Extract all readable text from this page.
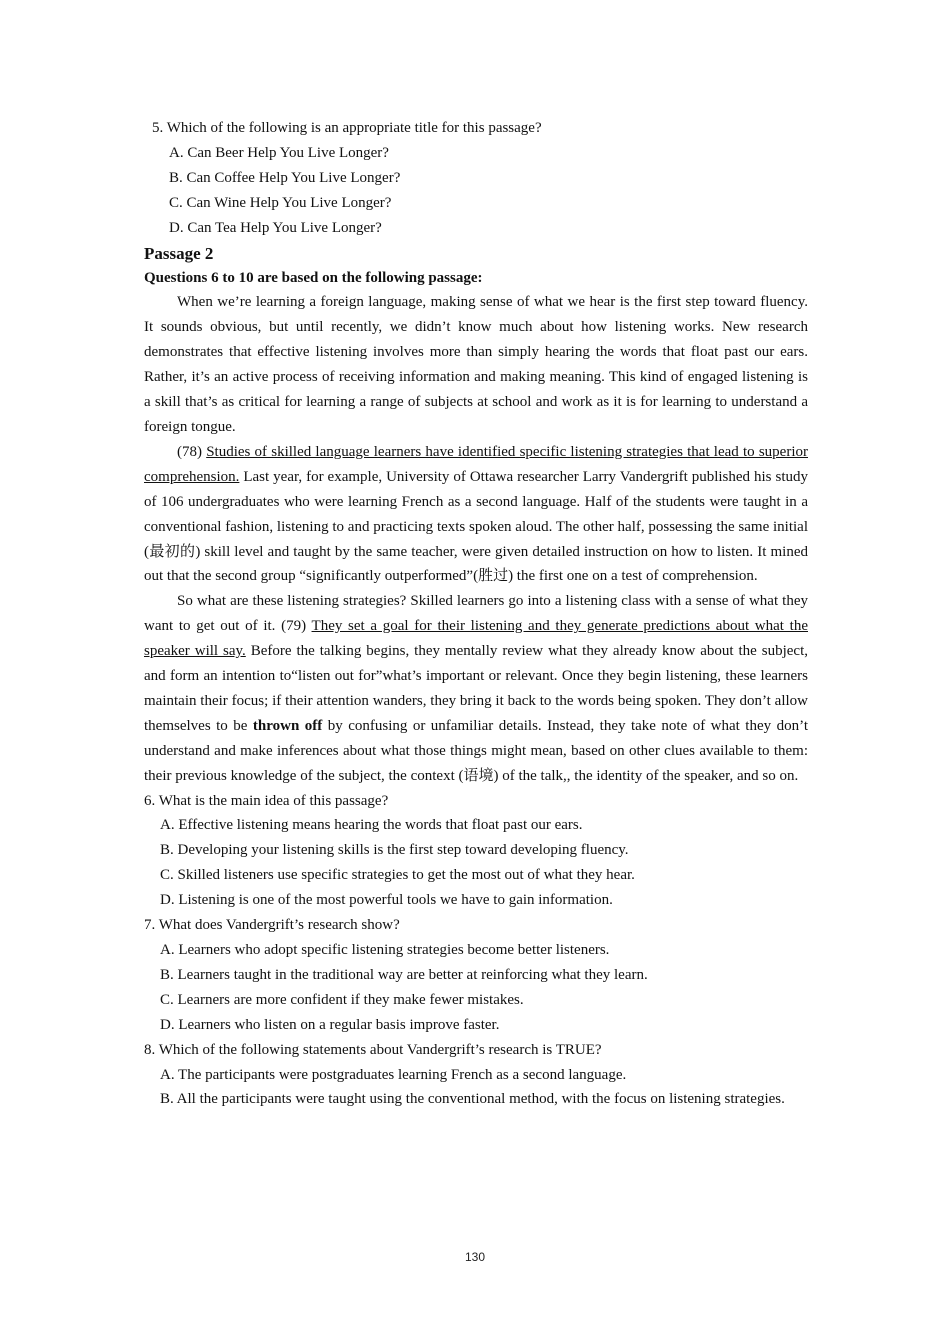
5. Which of the following is an appropriate title for this passage?

A. Can Beer Help You Live Longer?

B. Can Coffee Help You Live Longer?

C. Can Wine Help You Live Longer?

D. Can Tea Help You Live Longer?

Passage 2

Questions 6 to 10 are based on the following passage:

When we’re learning a foreign language, making sense of what we hear is the first step toward fluency. It sounds obvious, but until recently, we didn’t know much about how listening works. New research demonstrates that effective listening involves more than simply hearing the words that float past our ears. Rather, it’s an active process of receiving information and making meaning. This kind of engaged listening is a skill that’s as critical for learning a range of subjects at school and work as it is for learning to understand a foreign tongue.

(78) Studies of skilled language learners have identified specific listening strategies that lead to superior comprehension. Last year, for example, University of Ottawa researcher Larry Vandergrift published his study of 106 undergraduates who were learning French as a second language. Half of the students were taught in a conventional fashion, listening to and practicing texts spoken aloud. The other half, possessing the same initial (最初的) skill level and taught by the same teacher, were given detailed instruction on how to listen. It mined out that the second group “significantly outperformed”(胜过) the first one on a test of comprehension.

So what are these listening strategies? Skilled learners go into a listening class with a sense of what they want to get out of it. (79) They set a goal for their listening and they generate predictions about what the speaker will say. Before the talking begins, they mentally review what they already know about the subject, and form an intention to“listen out for”what’s important or relevant. Once they begin listening, these learners maintain their focus; if their attention wanders, they bring it back to the words being spoken. They don’t allow themselves to be thrown off by confusing or unfamiliar details. Instead, they take note of what they don’t understand and make inferences about what those things might mean, based on other clues available to them: their previous knowledge of the subject, the context (语境) of the talk,, the identity of the speaker, and so on.

6. What is the main idea of this passage?

A. Effective listening means hearing the words that float past our ears.

B. Developing your listening skills is the first step toward developing fluency.

C. Skilled listeners use specific strategies to get the most out of what they hear.

D. Listening is one of the most powerful tools we have to gain information.

7. What does Vandergrift’s research show?

A. Learners who adopt specific listening strategies become better listeners.

B. Learners taught in the traditional way are better at reinforcing what they learn.

C. Learners are more confident if they make fewer mistakes.

D. Learners who listen on a regular basis improve faster.

8. Which of the following statements about Vandergrift’s research is TRUE?

A. The participants were postgraduates learning French as a second language.

B. All the participants were taught using the conventional method, with the focus on listening strategies.

130
